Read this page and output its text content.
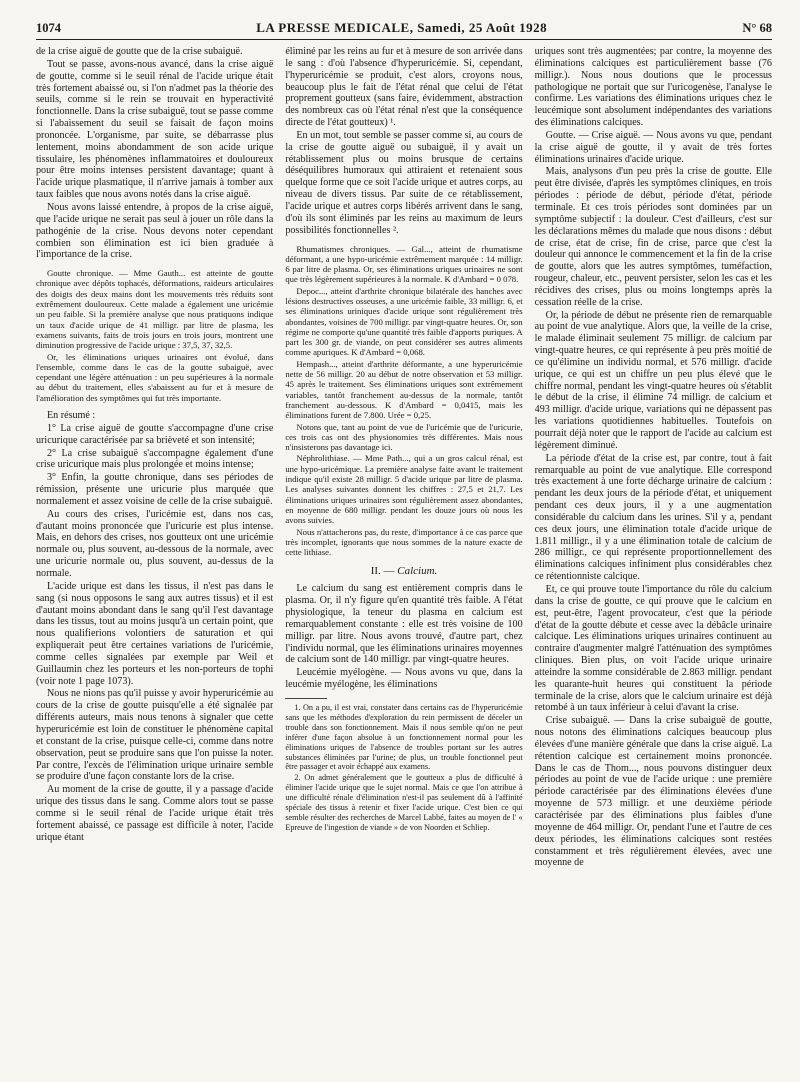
1074	LA PRESSE MEDICALE, Samedi, 25 Août 1928	N° 68

de la crise aiguë de goutte que de la crise subaiguë.

Tout se passe, avons-nous avancé, dans la crise aiguë de goutte, comme si le seuil rénal de l'acide urique était très fortement abaissé ou, si l'on n'admet pas la théorie des seuils, comme si le rein se trouvait en hyperactivité fonctionnelle. Dans la crise subaiguë, tout se passe comme si l'abaissement du seuil se faisait de façon moins prononcée. L'organisme, par suite, se débarrasse plus lentement, moins abondamment de son acide urique tissulaire, les phénomènes inflammatoires et douloureux pour être moins intenses persistent davantage; quant à l'acide urique plasmatique, il n'arrive jamais à tomber aux taux faibles que nous avons notés dans la crise aiguë.

Nous avons laissé entendre, à propos de la crise aiguë, que l'acide urique ne serait pas seul à jouer un rôle dans la pathogénie de la crise. Nous devons noter cependant combien son élimination est ici bien graduée à l'importance de la crise.

Goutte chronique. — Mme Gauth... est atteinte de goutte chronique avec dépôts tophacés, déformations, raideurs articulaires des doigts des deux mains dont les mouvements très réduits sont extrêmement douloureux. Cette malade a également une uricémie un peu faible. Si la première analyse que nous pratiquons indique un taux d'acide urique de 41 milligr. par litre de plasma, les examens suivants, faits de trois jours en trois jours, montrent une diminution progressive de l'acide urique : 37,5, 37, 32,5.

Or, les éliminations uriques urinaires ont évolué, dans l'ensemble, comme dans le cas de la goutte subaiguë, avec cependant une légère atténuation : un peu supérieures à la normale au début du traitement, elles s'abaissent au fur et à mesure de l'amélioration des symptômes qui fut très importante.

En résumé :

1° La crise aiguë de goutte s'accompagne d'une crise uricurique caractérisée par sa brièveté et son intensité;

2° La crise subaiguë s'accompagne également d'une crise uricurique mais plus prolongée et moins intense;

3° Enfin, la goutte chronique, dans ses périodes de rémission, présente une uricurie plus marquée que normalement et assez voisine de celle de la crise subaiguë.

Au cours des crises, l'uricémie est, dans nos cas, d'autant moins prononcée que l'uricurie est plus intense. Mais, en dehors des crises, nos goutteux ont une uricémie normale ou, plus souvent, au-dessous de la normale, avec une uricurie normale ou, plus souvent, au-dessus de la normale.

L'acide urique est dans les tissus, il n'est pas dans le sang (si nous opposons le sang aux autres tissus) et il est d'autant moins abondant dans le sang qu'il l'est davantage dans les tissus, tout au moins jusqu'à un certain point, que nous qualifierions volontiers de saturation et qui expliquerait peut être certaines variations de l'uricémie, comme celles signalées par exemple par Weil et Guillaumin chez les porteurs et les non-porteurs de tophi (voir note 1 page 1073).

Nous ne nions pas qu'il puisse y avoir hyperuricémie au cours de la crise de goutte puisqu'elle a été signalée par différents auteurs, mais nous tenons à signaler que cette hyperuricémie est loin de constituer le phénomène capital et constant de la crise, puisque celle-ci, comme dans notre observation, peut se produire sans que l'on puisse la noter. Par contre, l'excès de l'élimination urique urinaire semble se produire d'une façon constante lors de la crise.

Au moment de la crise de goutte, il y a passage d'acide urique des tissus dans le sang. Comme alors tout se passe comme si le seuil rénal de l'acide urique était très fortement abaissé, ce passage est difficile à noter, l'acide urique étant

éliminé par les reins au fur et à mesure de son arrivée dans le sang : d'où l'absence d'hyperuricémie. Si, cependant, l'hyperuricémie se produit, c'est alors, croyons nous, beaucoup plus le fait de l'état rénal que celui de l'état proprement goutteux (sans faire, évidemment, abstraction des nombreux cas où l'état rénal n'est que la conséquence directe de l'état goutteux) ¹.

En un mot, tout semble se passer comme si, au cours de la crise de goutte aiguë ou subaiguë, il y avait un rétablissement plus ou moins brusque de certains déséquilibres humoraux qui attiraient et retenaient sous quelque forme que ce soit l'acide urique et autres corps, au niveau de divers tissus. Par suite de ce rétablissement, l'acide urique et autres corps libérés arrivent dans le sang, d'où ils sont éliminés par les reins au maximum de leurs possibilités fonctionnelles ².

Rhumatismes chroniques. — Gal..., atteint de rhumatisme déformant, a une hypo-uricémie extrêmement marquée : 14 milligr. 6 par litre de plasma. Or, ses éliminations uriques urinaires ne sont que très légèrement supérieures à la normale. K d'Ambard = 0 078.

Depoc..., atteint d'arthrite chronique bilatérale des hanches avec lésions destructives osseuses, a une uricémie faible, 33 milligr. 6, et ses éliminations uriniques d'acide urique sont régulièrement très abondantes, voisines de 700 milligr. par vingt-quatre heures. Or, son régime ne comporte qu'une quantité très faible d'apports puriques. A part les 300 gr. de viande, on peut considérer ses autres aliments comme apuriques. K d'Ambard = 0,068.

Hempash..., atteint d'arthrite déformante, a une hyperuricémie nette de 56 milligr. 20 au début de notre observation et 53 milligr. 45 après le traitement. Ses éliminations uriques sont extrêmement variables, tantôt franchement au-dessus de la normale, tantôt franchement au-dessous. K d'Ambard = 0,0415, mais les éliminations furent de 7.800. Urée = 0,25.

Notons que, tant au point de vue de l'uricémie que de l'uricurie, ces trois cas ont des physionomies très différentes. Mais nous n'insisterons pas davantage ici.

Néphrolithiase. — Mme Path..., qui a un gros calcul rénal, est une hypo-uricémique. La première analyse faite avant le traitement indique qu'il existe 28 milligr. 5 d'acide urique par litre de plasma. Les analyses suivantes donnent les chiffres : 27,5 et 21,7. Les éliminations uriques urinaires sont régulièrement assez abondantes, en moyenne de 680 milligr. pendant les douze jours où nous les avons suivies.

Nous n'attacherons pas, du reste, d'importance à ce cas parce que très incomplet, ignorants que nous sommes de la nature exacte de cette lithiase.

II. — Calcium.

Le calcium du sang est entièrement compris dans le plasma. Or, il n'y figure qu'en quantité très faible. A l'état physiologique, la teneur du plasma en calcium est remarquablement constante : elle est très voisine de 100 milligr. par litre. Nous avons trouvé, d'autre part, chez l'individu normal, que les éliminations urinaires moyennes de calcium sont de 140 milligr. par vingt-quatre heures.

Leucémie myélogène. — Nous avons vu que, dans la leucémie myélogène, les éliminations

1. On a pu, il est vrai, constater dans certains cas de l'hyperuricémie sans que les méthodes d'exploration du rein permissent de déceler un trouble dans son fonctionnement. Mais il nous semble qu'on ne peut inférer d'une façon absolue à un fonctionnement normal pour les éliminations uriques de l'absence de troubles portant sur les autres substances éliminées par l'urine; de plus, un trouble fonctionnel peut être passager et avoir échappé aux examens.

2. On admet généralement que le goutteux a plus de difficulté à éliminer l'acide urique que le sujet normal. Mais ce que l'on attribue à une difficulté rénale d'élimination n'est-il pas seulement dû à l'affinité spéciale des tissus à retenir et fixer l'acide urique. C'est bien ce qui semble résulter des recherches de Marcel Labbé, faites au moyen de l' « Epreuve de l'ingestion de viande » de von Noorden et Schliep.

uriques sont très augmentées; par contre, la moyenne des éliminations calciques est particulièrement basse (76 milligr.). Nous nous doutions que le processus pathologique ne portait que sur l'uricogenèse, l'analyse le confirme. Les variations des éliminations uriques chez le leucémique sont absolument indépendantes des variations des éliminations calciques.

Goutte. — Crise aiguë. — Nous avons vu que, pendant la crise aiguë de goutte, il y avait de très fortes éliminations urinaires d'acide urique.

Mais, analysons d'un peu près la crise de goutte. Elle peut être divisée, d'après les symptômes cliniques, en trois périodes : période de début, période d'état, période terminale. Et ces trois périodes sont dominées par un symptôme subjectif : la douleur. C'est d'ailleurs, c'est sur les déclarations mêmes du malade que nous disons : début de crise, état de crise, fin de crise, parce que c'est la douleur qui annonce le commencement et la fin de la crise de goutte, alors que les autres symptômes, tuméfaction, rougeur, chaleur, etc., peuvent persister, selon les cas et les récidives des crises, plus ou moins longtemps après la cessation réelle de la crise.

Or, la période de début ne présente rien de remarquable au point de vue analytique. Alors que, la veille de la crise, le malade éliminait seulement 75 milligr. de calcium par vingt-quatre heures, ce qui représente à peu près moitié de ce qu'élimine un individu normal, et 576 milligr. d'acide urique, ce qui est un chiffre un peu plus élevé que le chiffre normal, pendant les vingt-quatre heures où s'établit le début de la crise, il élimine 74 milligr. de calcium et 493 milligr. d'acide urique, variations qui ne dépassent pas les variations quotidiennes habituelles. Toutefois on pourrait déjà noter que le rapport de l'acide au calcium est légèrement diminué.

La période d'état de la crise est, par contre, tout à fait remarquable au point de vue analytique. Elle correspond très exactement à une forte décharge urinaire de calcium : pendant les deux jours de la période d'état, et uniquement pendant ces deux jours, il y a une augmentation considérable du calcium dans les urines. S'il y a, pendant ces deux jours, une élimination totale d'acide urique de 1.811 milligr., il y a une élimination totale de calcium de 286 milligr., ce qui représente proportionnellement des éliminations calciques infiniment plus considérables chez ce rétentionniste calcique.

Et, ce qui prouve toute l'importance du rôle du calcium dans la crise de goutte, ce qui prouve que le calcium en est, peut-être, l'agent provocateur, c'est que la période d'état de la goutte débute et cesse avec la débâcle urinaire calcique. Les éliminations uriques urinaires continuent au contraire d'augmenter malgré l'atténuation des symptômes cliniques. Bien plus, on voit l'acide urique urinaire atteindre la somme considérable de 2.863 milligr. pendant les quarante-huit heures qui constituent la période terminale de la crise, alors que le calcium urinaire est déjà retombé à un taux inférieur à celui d'avant la crise.

Crise subaiguë. — Dans la crise subaiguë de goutte, nous notons des éliminations calciques beaucoup plus élevées d'une manière générale que dans la crise aiguë. La rétention calcique est certainement moins prononcée. Dans le cas de Thom..., nous pouvons distinguer deux périodes au point de vue de l'acide urique : une première période caractérisée par des éliminations élevées d'une moyenne de 573 milligr. et une deuxième période caractérisée par des éliminations plus faibles d'une moyenne de 464 milligr. Or, pendant l'une et l'autre de ces deux périodes, les éliminations calciques sont restées constamment et très régulièrement élevées, avec une moyenne de
